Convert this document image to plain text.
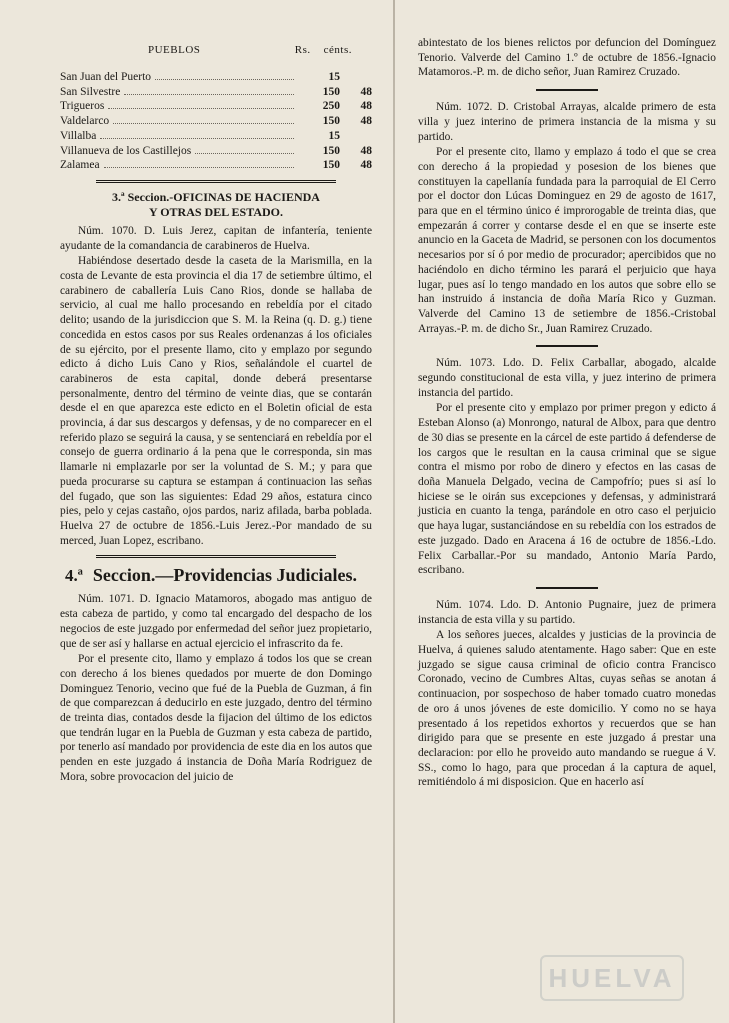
PUEBLOS	Rs. cénts.
San Juan del Puerto	15
San Silvestre	150	48
Trigueros	250	48
Valdelarco	150	48
Villalba	15
Villanueva de los Castillejos	150	48
Zalamea	150	48
3.ª Seccion.-OFICINAS DE HACIENDA
Y OTRAS DEL ESTADO.

Núm. 1070. D. Luis Jerez, capitan de infantería, teniente ayudante de la comandancia de carabineros de Huelva.

Habiéndose desertado desde la caseta de la Marismilla, en la costa de Levante de esta provincia el dia 17 de setiembre último, el carabinero de caballería Luis Cano Rios, donde se hallaba de servicio, al cual me hallo procesando en rebeldía por el citado delito; usando de la jurisdiccion que S. M. la Reina (q. D. g.) tiene concedida en estos casos por sus Reales ordenanzas á los oficiales de su ejército, por el presente llamo, cito y emplazo por segundo edicto á dicho Luis Cano y Rios, señalándole el cuartel de carabineros de esta capital, donde deberá presentarse personalmente, dentro del término de veinte dias, que se contarán desde el en que aparezca este edicto en el Boletin oficial de esta provincia, á dar sus descargos y defensas, y de no comparecer en el referido plazo se seguirá la causa, y se sentenciará en rebeldía por el consejo de guerra ordinario á la pena que le corresponda, sin mas llamarle ni emplazarle por ser la voluntad de S. M.; y para que pueda procurarse su captura se estampan á continuacion las señas del fugado, que son las siguientes: Edad 29 años, estatura cinco pies, pelo y cejas castaño, ojos pardos, nariz afilada, barba poblada. Huelva 27 de octubre de 1856.-Luis Jerez.-Por mandado de su merced, Juan Lopez, escribano.

4.ª Seccion.—Providencias Judiciales.

Núm. 1071. D. Ignacio Matamoros, abogado mas antiguo de esta cabeza de partido, y como tal encargado del despacho de los negocios de este juzgado por enfermedad del señor juez propietario, que de ser así y hallarse en actual ejercicio el infrascrito da fe.

Por el presente cito, llamo y emplazo á todos los que se crean con derecho á los bienes quedados por muerte de don Domingo Dominguez Tenorio, vecino que fué de la Puebla de Guzman, á fin de que comparezcan á deducirlo en este juzgado, dentro del término de treinta dias, contados desde la fijacion del último de los edictos que tendrán lugar en la Puebla de Guzman y esta cabeza de partido, por tenerlo así mandado por providencia de este dia en los autos que penden en este juzgado á instancia de Doña María Rodriguez de Mora, sobre provocacion del juicio de

abintestato de los bienes relictos por defuncion del Domínguez Tenorio. Valverde del Camino 1.º de octubre de 1856.-Ignacio Matamoros.-P. m. de dicho señor, Juan Ramirez Cruzado.

Núm. 1072. D. Cristobal Arrayas, alcalde primero de esta villa y juez interino de primera instancia de la misma y su partido.

Por el presente cito, llamo y emplazo á todo el que se crea con derecho á la propiedad y posesion de los bienes que constituyen la capellanía fundada para la parroquial de El Cerro por el doctor don Lúcas Dominguez en 29 de agosto de 1617, para que en el término único é improrogable de treinta dias, que empezarán á correr y contarse desde el en que se inserte este anuncio en la Gaceta de Madrid, se personen con los documentos necesarios por sí ó por medio de procurador; apercibidos que no haciéndolo en dicho término les parará el perjuicio que haya lugar, pues así lo tengo mandado en los autos que sobre ello se han instruido á instancia de doña María Rico y Guzman. Valverde del Camino 13 de setiembre de 1856.-Cristobal Arrayas.-P. m. de dicho Sr., Juan Ramirez Cruzado.

Núm. 1073. Ldo. D. Felix Carballar, abogado, alcalde segundo constitucional de esta villa, y juez interino de primera instancia del partido.

Por el presente cito y emplazo por primer pregon y edicto á Esteban Alonso (a) Monrongo, natural de Albox, para que dentro de 30 dias se presente en la cárcel de este partido á defenderse de los cargos que le resultan en la causa criminal que se sigue contra el mismo por robo de dinero y efectos en las casas de doña Manuela Delgado, vecina de Campofrío; pues si así lo hiciese se le oirán sus excepciones y defensas, y administrará justicia en cuanto la tenga, parándole en otro caso el perjuicio que haya lugar, sustanciándose en su rebeldía con los estrados de este juzgado. Dado en Aracena á 16 de octubre de 1856.-Ldo. Felix Carballar.-Por su mandado, Antonio María Pardo, escribano.

Núm. 1074. Ldo. D. Antonio Pugnaire, juez de primera instancia de esta villa y su partido.

A los señores jueces, alcaldes y justicias de la provincia de Huelva, á quienes saludo atentamente. Hago saber: Que en este juzgado se sigue causa criminal de oficio contra Francisco Coronado, vecino de Cumbres Altas, cuyas señas se anotan á continuacion, por sospechoso de haber tomado cuatro monedas de oro á unos jóvenes de este domicilio. Y como no se haya presentado á los repetidos exhortos y recuerdos que se han dirigido para que se presente en este juzgado á prestar una declaracion: por ello he proveido auto mandando se ruegue á V. SS., como lo hago, para que procedan á la captura de aquel, remitiéndolo á mi disposicion. Que en hacerlo así

HUELVA
